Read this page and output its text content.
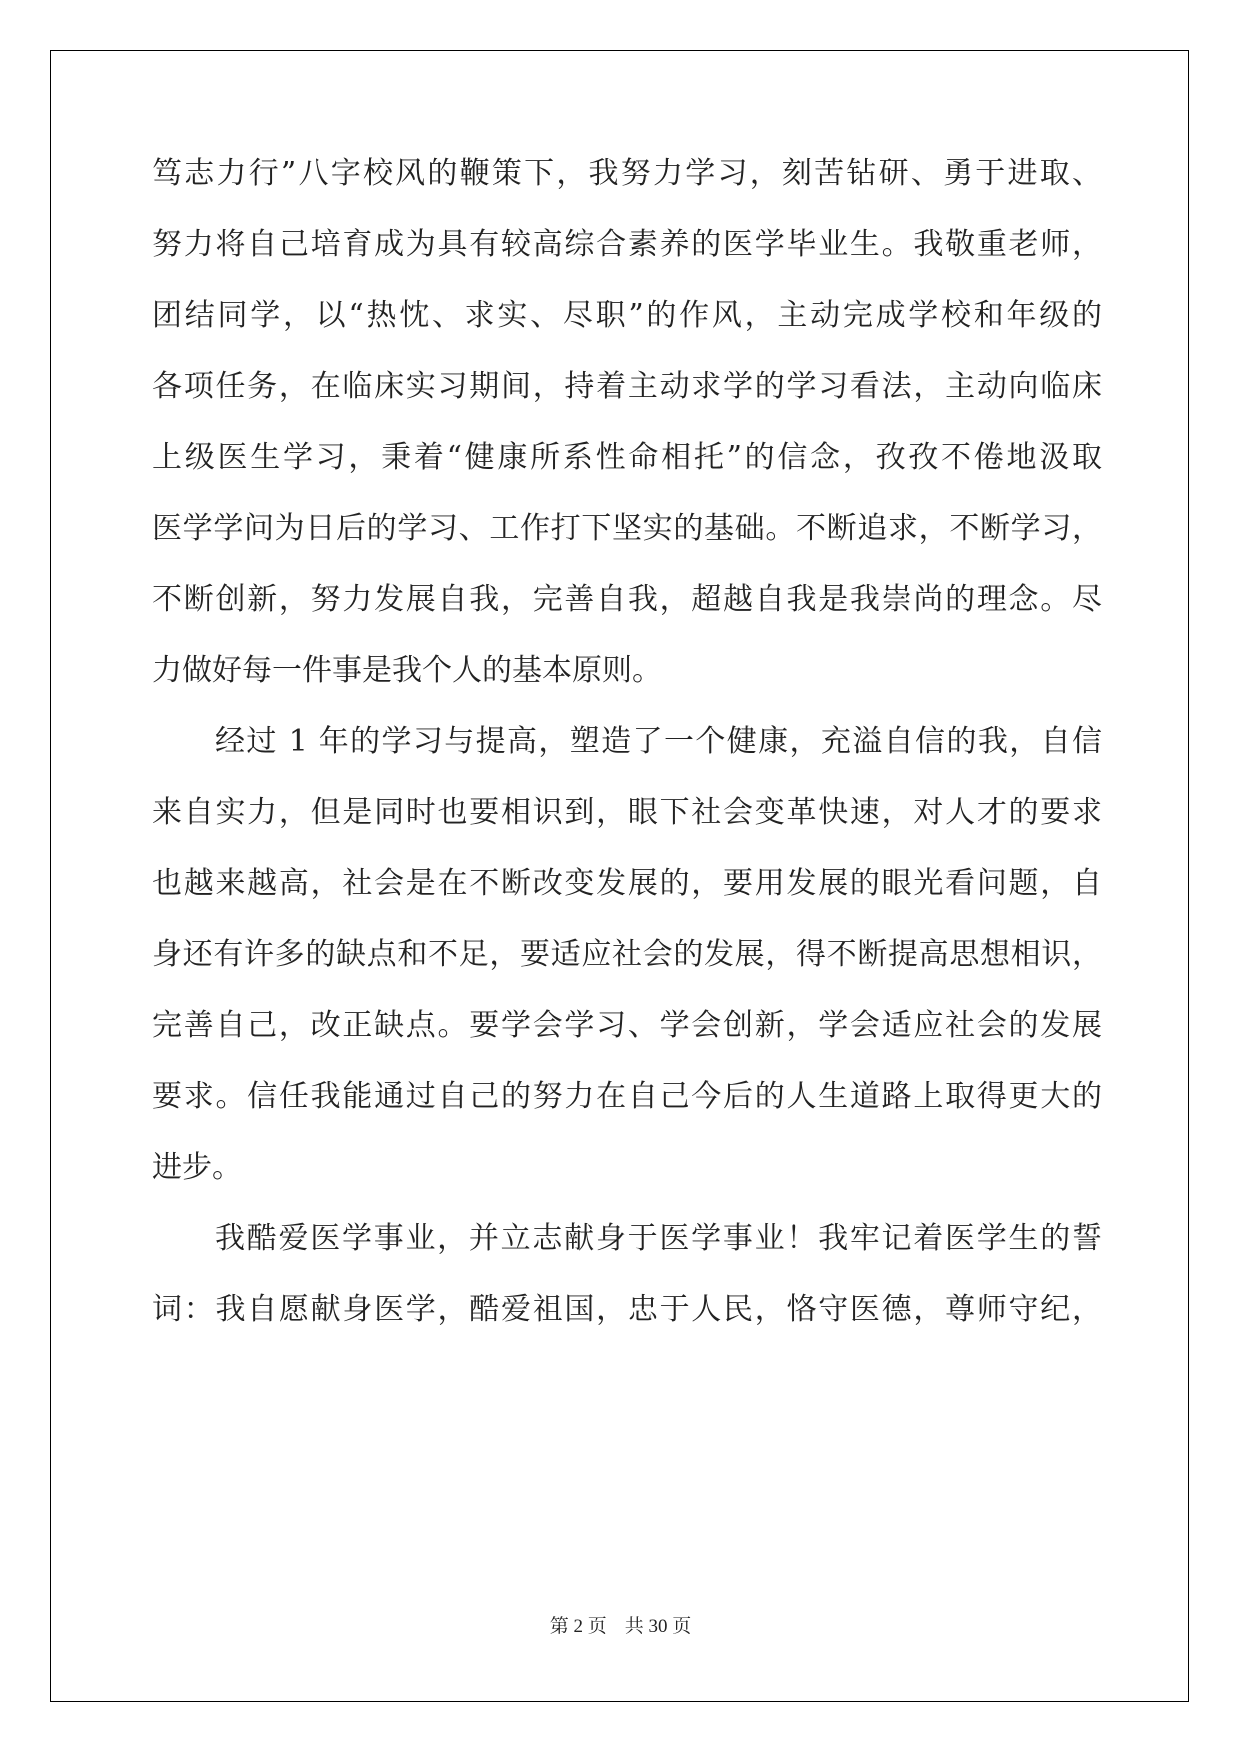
笃志力行”八字校风的鞭策下，我努力学习，刻苦钻研、勇于进取、
努力将自己培育成为具有较高综合素养的医学毕业生。我敬重老师，
团结同学，以“热忱、求实、尽职”的作风，主动完成学校和年级的
各项任务，在临床实习期间，持着主动求学的学习看法，主动向临床
上级医生学习，秉着“健康所系性命相托”的信念，孜孜不倦地汲取
医学学问为日后的学习、工作打下坚实的基础。不断追求，不断学习，
不断创新，努力发展自我，完善自我，超越自我是我崇尚的理念。尽
力做好每一件事是我个人的基本原则。
经过 1 年的学习与提高，塑造了一个健康，充溢自信的我，自信
来自实力，但是同时也要相识到，眼下社会变革快速，对人才的要求
也越来越高，社会是在不断改变发展的，要用发展的眼光看问题，自
身还有许多的缺点和不足，要适应社会的发展，得不断提高思想相识，
完善自己，改正缺点。要学会学习、学会创新，学会适应社会的发展
要求。信任我能通过自己的努力在自己今后的人生道路上取得更大的
进步。
我酷爱医学事业，并立志献身于医学事业！我牢记着医学生的誓
词：我自愿献身医学，酷爱祖国，忠于人民，恪守医德，尊师守纪，
第 2 页 共 30 页
